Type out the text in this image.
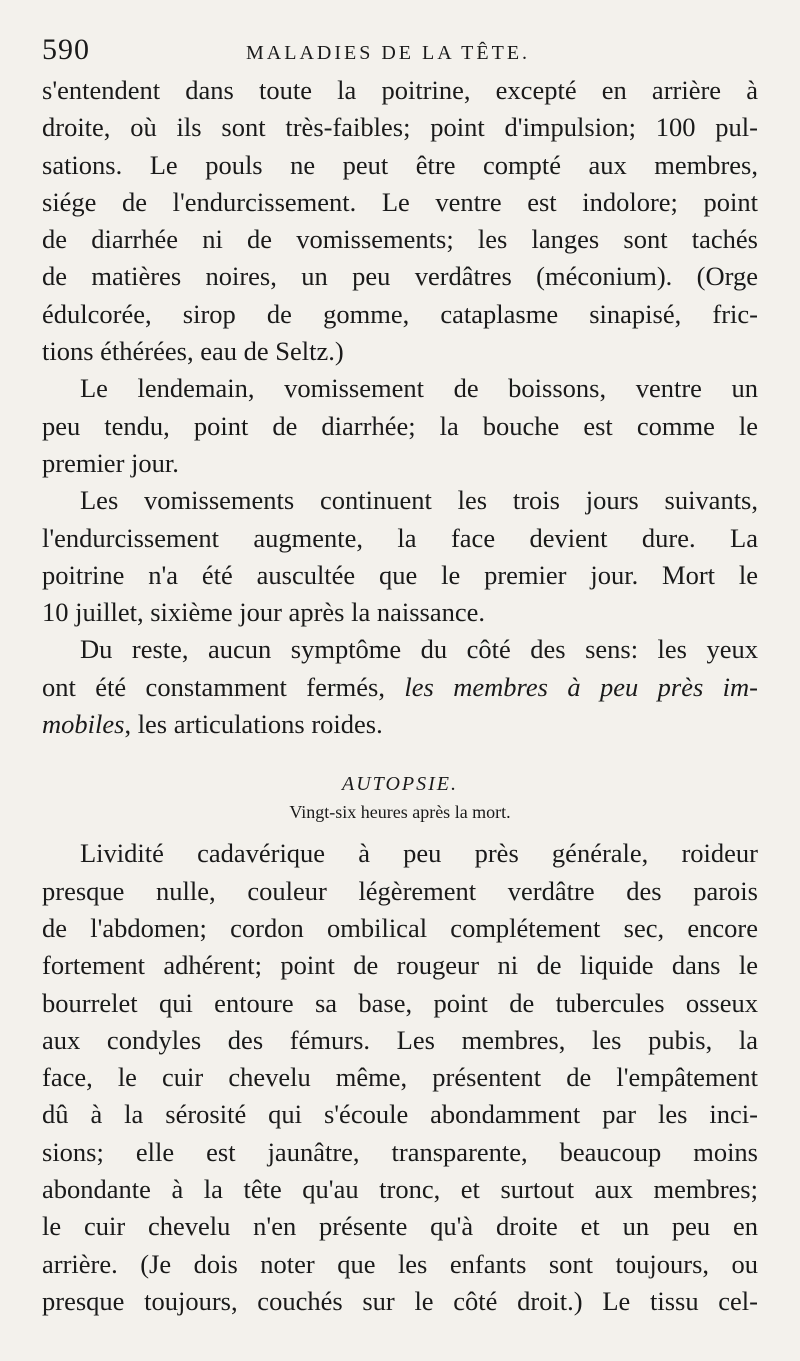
590	MALADIES DE LA TÊTE.
s'entendent dans toute la poitrine, excepté en arrière à
droite, où ils sont très-faibles; point d'impulsion; 100 pul-
sations. Le pouls ne peut être compté aux membres,
siége de l'endurcissement. Le ventre est indolore; point
de diarrhée ni de vomissements; les langes sont tachés
de matières noires, un peu verdâtres (méconium). (Orge
édulcorée, sirop de gomme, cataplasme sinapisé, fric-
tions éthérées, eau de Seltz.)
Le lendemain, vomissement de boissons, ventre un
peu tendu, point de diarrhée; la bouche est comme le
premier jour.
Les vomissements continuent les trois jours suivants,
l'endurcissement augmente, la face devient dure. La
poitrine n'a été auscultée que le premier jour. Mort le
10 juillet, sixième jour après la naissance.
Du reste, aucun symptôme du côté des sens: les yeux
ont été constamment fermés, les membres à peu près im-
mobiles, les articulations roides.
AUTOPSIE.
Vingt-six heures après la mort.
Lividité cadavérique à peu près générale, roideur
presque nulle, couleur légèrement verdâtre des parois
de l'abdomen; cordon ombilical complétement sec, encore
fortement adhérent; point de rougeur ni de liquide dans le
bourrelet qui entoure sa base, point de tubercules osseux
aux condyles des fémurs. Les membres, les pubis, la
face, le cuir chevelu même, présentent de l'empâtement
dû à la sérosité qui s'écoule abondamment par les inci-
sions; elle est jaunâtre, transparente, beaucoup moins
abondante à la tête qu'au tronc, et surtout aux membres;
le cuir chevelu n'en présente qu'à droite et un peu en
arrière. (Je dois noter que les enfants sont toujours, ou
presque toujours, couchés sur le côté droit.) Le tissu cel-
